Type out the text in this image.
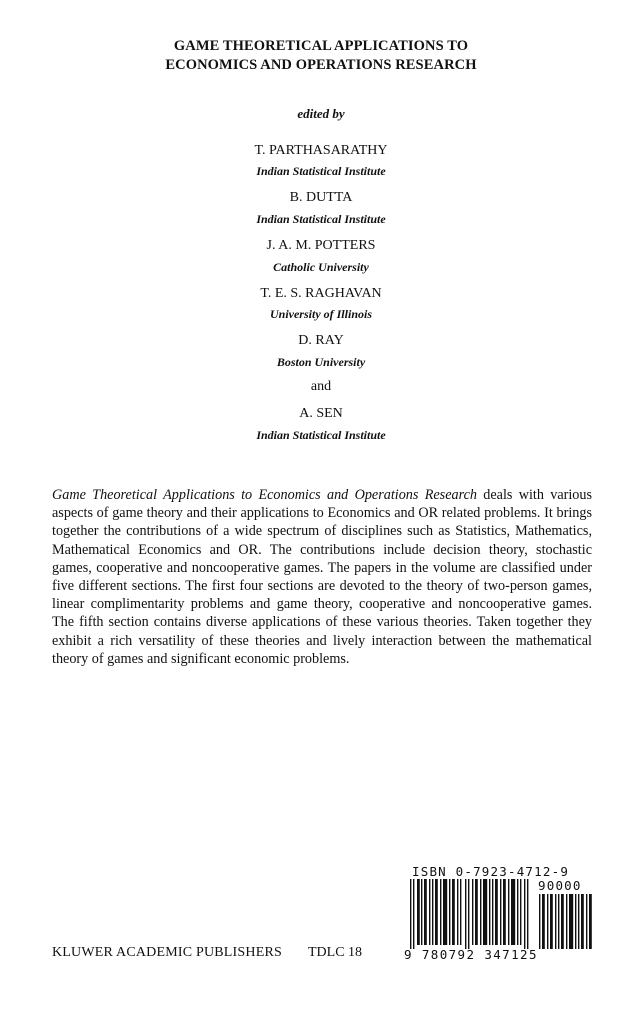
GAME THEORETICAL APPLICATIONS TO
ECONOMICS AND OPERATIONS RESEARCH
edited by
T. PARTHASARATHY
Indian Statistical Institute
B. DUTTA
Indian Statistical Institute
J. A. M. POTTERS
Catholic University
T. E. S. RAGHAVAN
University of Illinois
D. RAY
Boston University
and
A. SEN
Indian Statistical Institute

Game Theoretical Applications to Economics and Operations Research deals with various aspects of game theory and their applications to Economics and OR related problems. It brings together the contributions of a wide spectrum of disciplines such as Statistics, Mathematics, Mathematical Economics and OR. The contributions include decision theory, stochastic games, cooperative and noncooperative games. The papers in the volume are classified under five different sections. The first four sections are devoted to the theory of two-person games, linear complimentarity problems and game theory, cooperative and noncooperative games. The fifth section contains diverse applications of these various theories. Taken together they exhibit a rich versatility of these theories and lively interaction between the mathematical theory of games and significant economic problems.

ISBN 0-7923-4712-9
90000
9 780792 347125
KLUWER ACADEMIC PUBLISHERS TDLC 18
